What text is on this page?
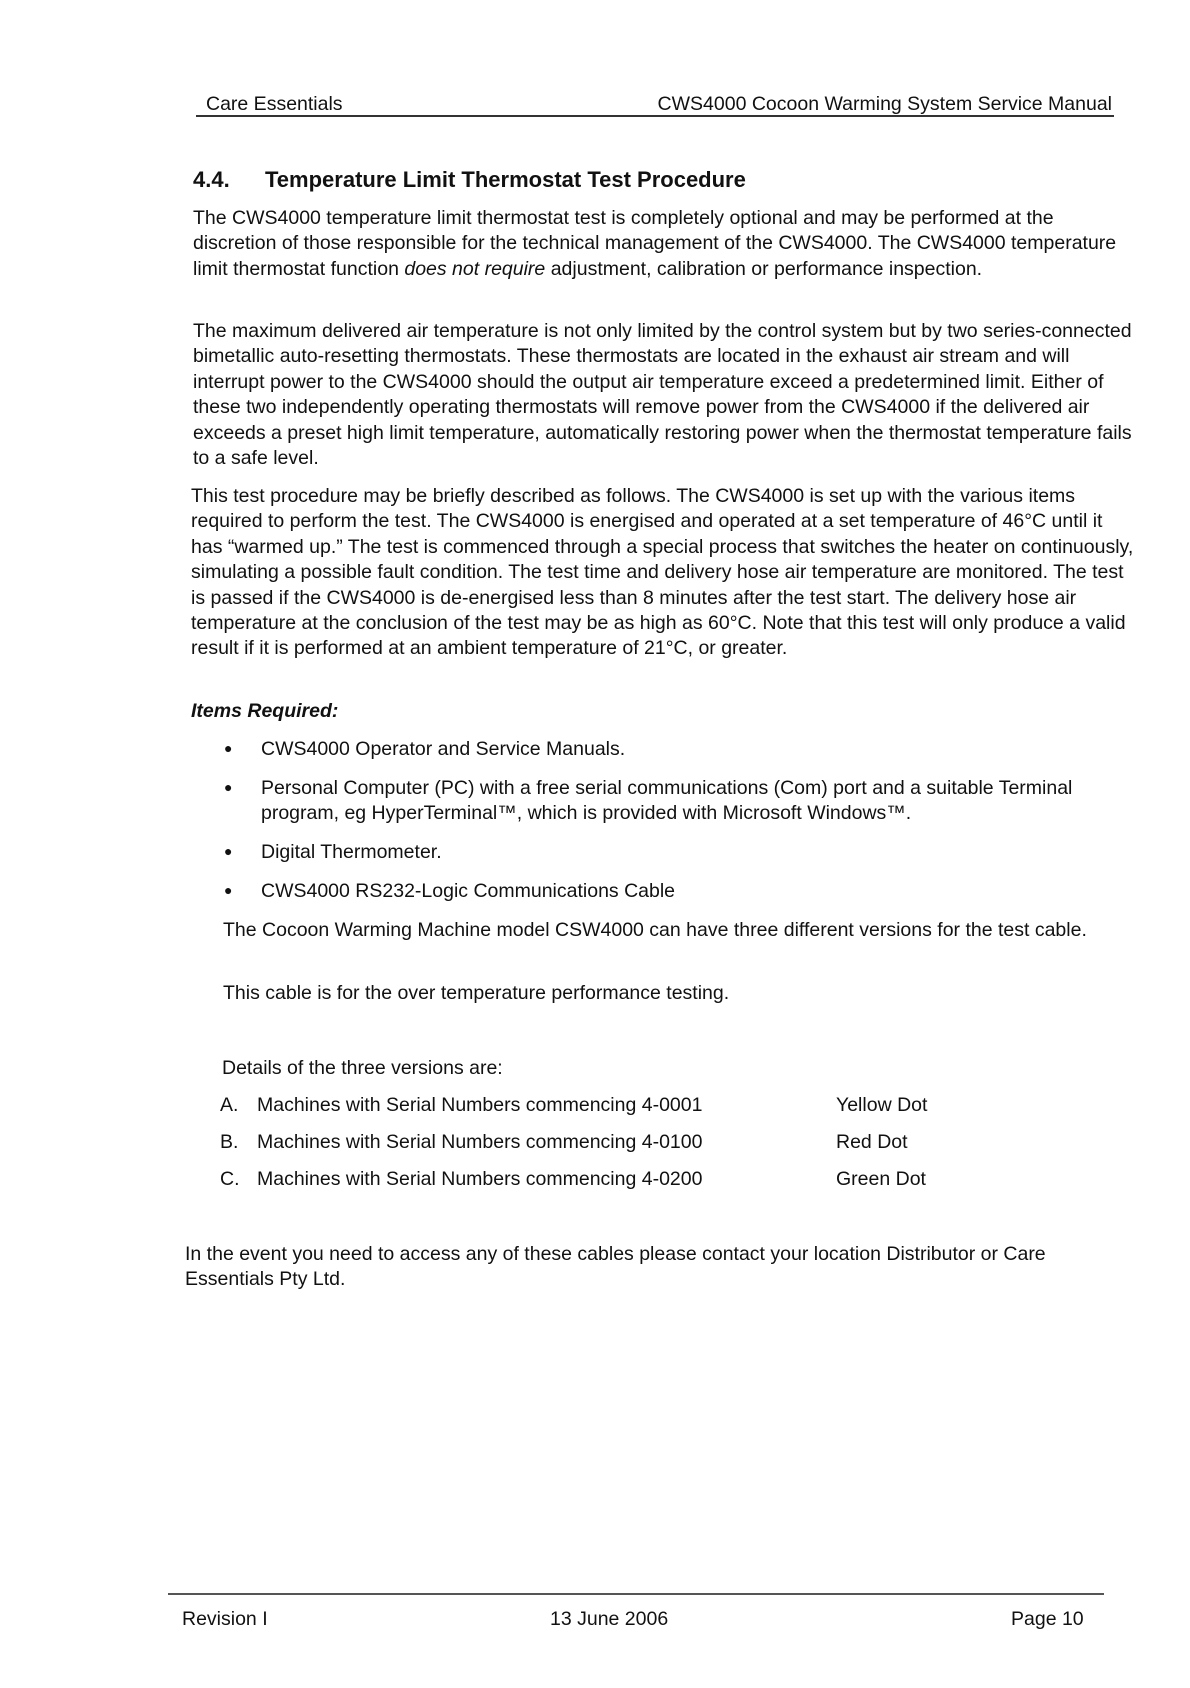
Care Essentials	CWS4000 Cocoon Warming System Service Manual
4.4. Temperature Limit Thermostat Test Procedure

The CWS4000 temperature limit thermostat test is completely optional and may be performed at the discretion of those responsible for the technical management of the CWS4000. The CWS4000 temperature limit thermostat function does not require adjustment, calibration or performance inspection.

The maximum delivered air temperature is not only limited by the control system but by two series-connected bimetallic auto-resetting thermostats. These thermostats are located in the exhaust air stream and will interrupt power to the CWS4000 should the output air temperature exceed a predetermined limit. Either of these two independently operating thermostats will remove power from the CWS4000 if the delivered air exceeds a preset high limit temperature, automatically restoring power when the thermostat temperature fails to a safe level.

This test procedure may be briefly described as follows. The CWS4000 is set up with the various items required to perform the test. The CWS4000 is energised and operated at a set temperature of 46°C until it has “warmed up.” The test is commenced through a special process that switches the heater on continuously, simulating a possible fault condition. The test time and delivery hose air temperature are monitored. The test is passed if the CWS4000 is de-energised less than 8 minutes after the test start. The delivery hose air temperature at the conclusion of the test may be as high as 60°C. Note that this test will only produce a valid result if it is performed at an ambient temperature of 21°C, or greater.

Items Required:
● CWS4000 Operator and Service Manuals.
● Personal Computer (PC) with a free serial communications (Com) port and a suitable Terminal program, eg HyperTerminal™, which is provided with Microsoft Windows™.
● Digital Thermometer.
● CWS4000 RS232-Logic Communications Cable

The Cocoon Warming Machine model CSW4000 can have three different versions for the test cable.

This cable is for the over temperature performance testing.

Details of the three versions are:
A. Machines with Serial Numbers commencing 4-0001	Yellow Dot
B. Machines with Serial Numbers commencing 4-0100	Red Dot
C. Machines with Serial Numbers commencing 4-0200	Green Dot

In the event you need to access any of these cables please contact your location Distributor or Care Essentials Pty Ltd.

Revision I	13 June 2006	Page 10
